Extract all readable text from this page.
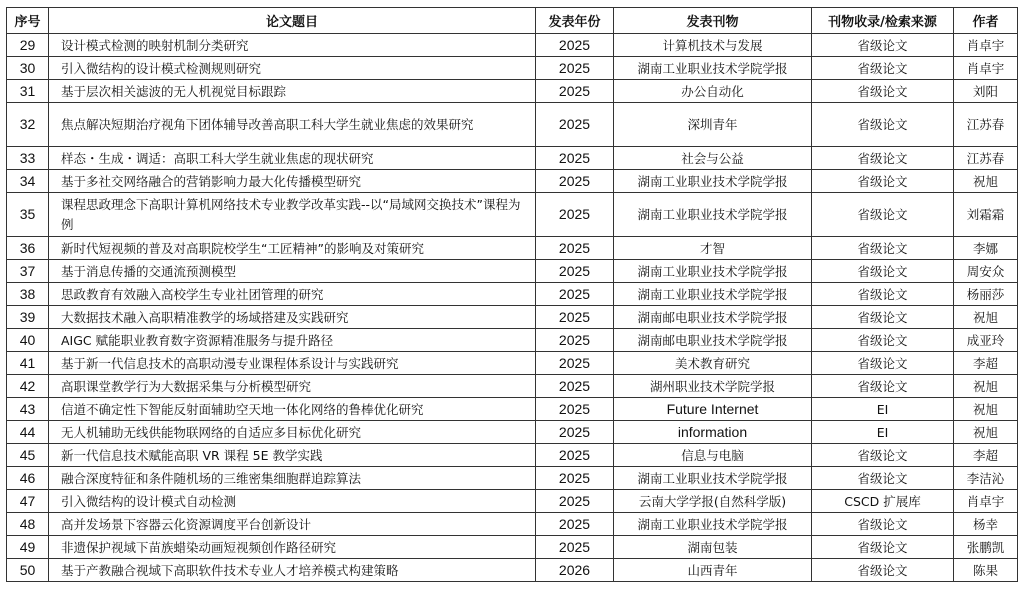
序号	论文题目	发表年份	发表刊物	刊物收录/检索来源	作者
29	设计模式检测的映射机制分类研究	2025	计算机技术与发展	省级论文	肖卓宇
30	引入微结构的设计模式检测规则研究	2025	湖南工业职业技术学院学报	省级论文	肖卓宇
31	基于层次相关滤波的无人机视觉目标跟踪	2025	办公自动化	省级论文	刘阳
32	焦点解决短期治疗视角下团体辅导改善高职工科大学生就业焦虑的效果研究	2025	深圳青年	省级论文	江苏春
33	样态・生成・调适：高职工科大学生就业焦虑的现状研究	2025	社会与公益	省级论文	江苏春
34	基于多社交网络融合的营销影响力最大化传播模型研究	2025	湖南工业职业技术学院学报	省级论文	祝旭
35	课程思政理念下高职计算机网络技术专业教学改革实践--以“局域网交换技术”课程为例	2025	湖南工业职业技术学院学报	省级论文	刘霜霜
36	新时代短视频的普及对高职院校学生“工匠精神”的影响及对策研究	2025	才智	省级论文	李娜
37	基于消息传播的交通流预测模型	2025	湖南工业职业技术学院学报	省级论文	周安众
38	思政教育有效融入高校学生专业社团管理的研究	2025	湖南工业职业技术学院学报	省级论文	杨丽莎
39	大数据技术融入高职精准教学的场域搭建及实践研究	2025	湖南邮电职业技术学院学报	省级论文	祝旭
40	AIGC 赋能职业教育数字资源精准服务与提升路径	2025	湖南邮电职业技术学院学报	省级论文	成亚玲
41	基于新一代信息技术的高职动漫专业课程体系设计与实践研究	2025	美术教育研究	省级论文	李超
42	高职课堂教学行为大数据采集与分析模型研究	2025	湖州职业技术学院学报	省级论文	祝旭
43	信道不确定性下智能反射面辅助空天地一体化网络的鲁棒优化研究	2025	Future Internet	EI	祝旭
44	无人机辅助无线供能物联网络的自适应多目标优化研究	2025	information	EI	祝旭
45	新一代信息技术赋能高职 VR 课程 5E 教学实践	2025	信息与电脑	省级论文	李超
46	融合深度特征和条件随机场的三维密集细胞群追踪算法	2025	湖南工业职业技术学院学报	省级论文	李洁沁
47	引入微结构的设计模式自动检测	2025	云南大学学报(自然科学版)	CSCD 扩展库	肖卓宇
48	高并发场景下容器云化资源调度平台创新设计	2025	湖南工业职业技术学院学报	省级论文	杨幸
49	非遗保护视域下苗族蜡染动画短视频创作路径研究	2025	湖南包装	省级论文	张鹏凯
50	基于产教融合视域下高职软件技术专业人才培养模式构建策略	2026	山西青年	省级论文	陈果
